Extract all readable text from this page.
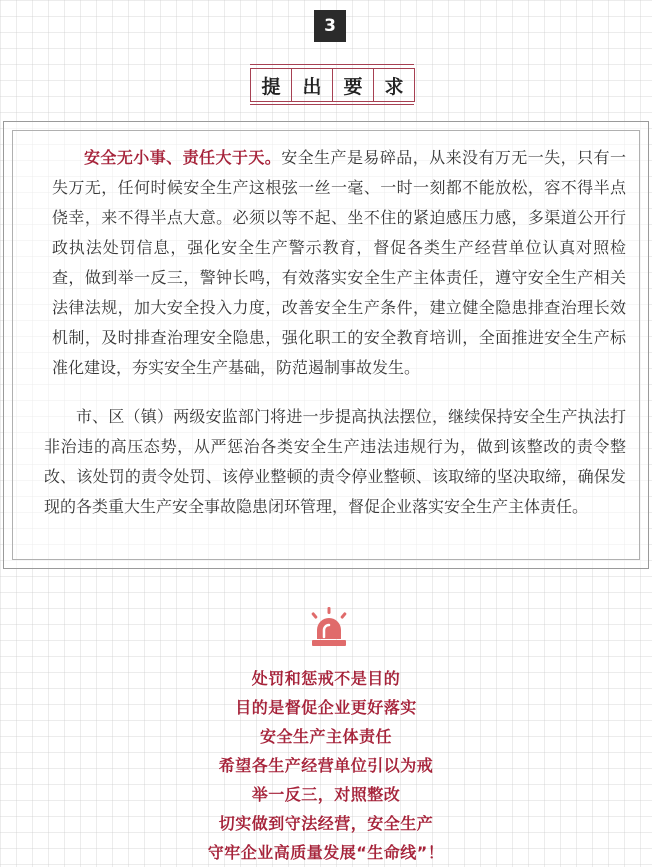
3
提	出	要	求

安全无小事、责任大于天。安全生产是易碎品，从来没有万无一失，只有一失万无，任何时候安全生产这根弦一丝一毫、一时一刻都不能放松，容不得半点侥幸，来不得半点大意。必须以等不起、坐不住的紧迫感压力感，多渠道公开行政执法处罚信息，强化安全生产警示教育，督促各类生产经营单位认真对照检查，做到举一反三，警钟长鸣，有效落实安全生产主体责任，遵守安全生产相关法律法规，加大安全投入力度，改善安全生产条件，建立健全隐患排查治理长效机制，及时排查治理安全隐患，强化职工的安全教育培训，全面推进安全生产标准化建设，夯实安全生产基础，防范遏制事故发生。

市、区（镇）两级安监部门将进一步提高执法摆位，继续保持安全生产执法打非治违的高压态势，从严惩治各类安全生产违法违规行为，做到该整改的责令整改、该处罚的责令处罚、该停业整顿的责令停业整顿、该取缔的坚决取缔，确保发现的各类重大生产安全事故隐患闭环管理，督促企业落实安全生产主体责任。

处罚和惩戒不是目的
目的是督促企业更好落实
安全生产主体责任
希望各生产经营单位引以为戒
举一反三，对照整改
切实做到守法经营，安全生产
守牢企业高质量发展“生命线”！
